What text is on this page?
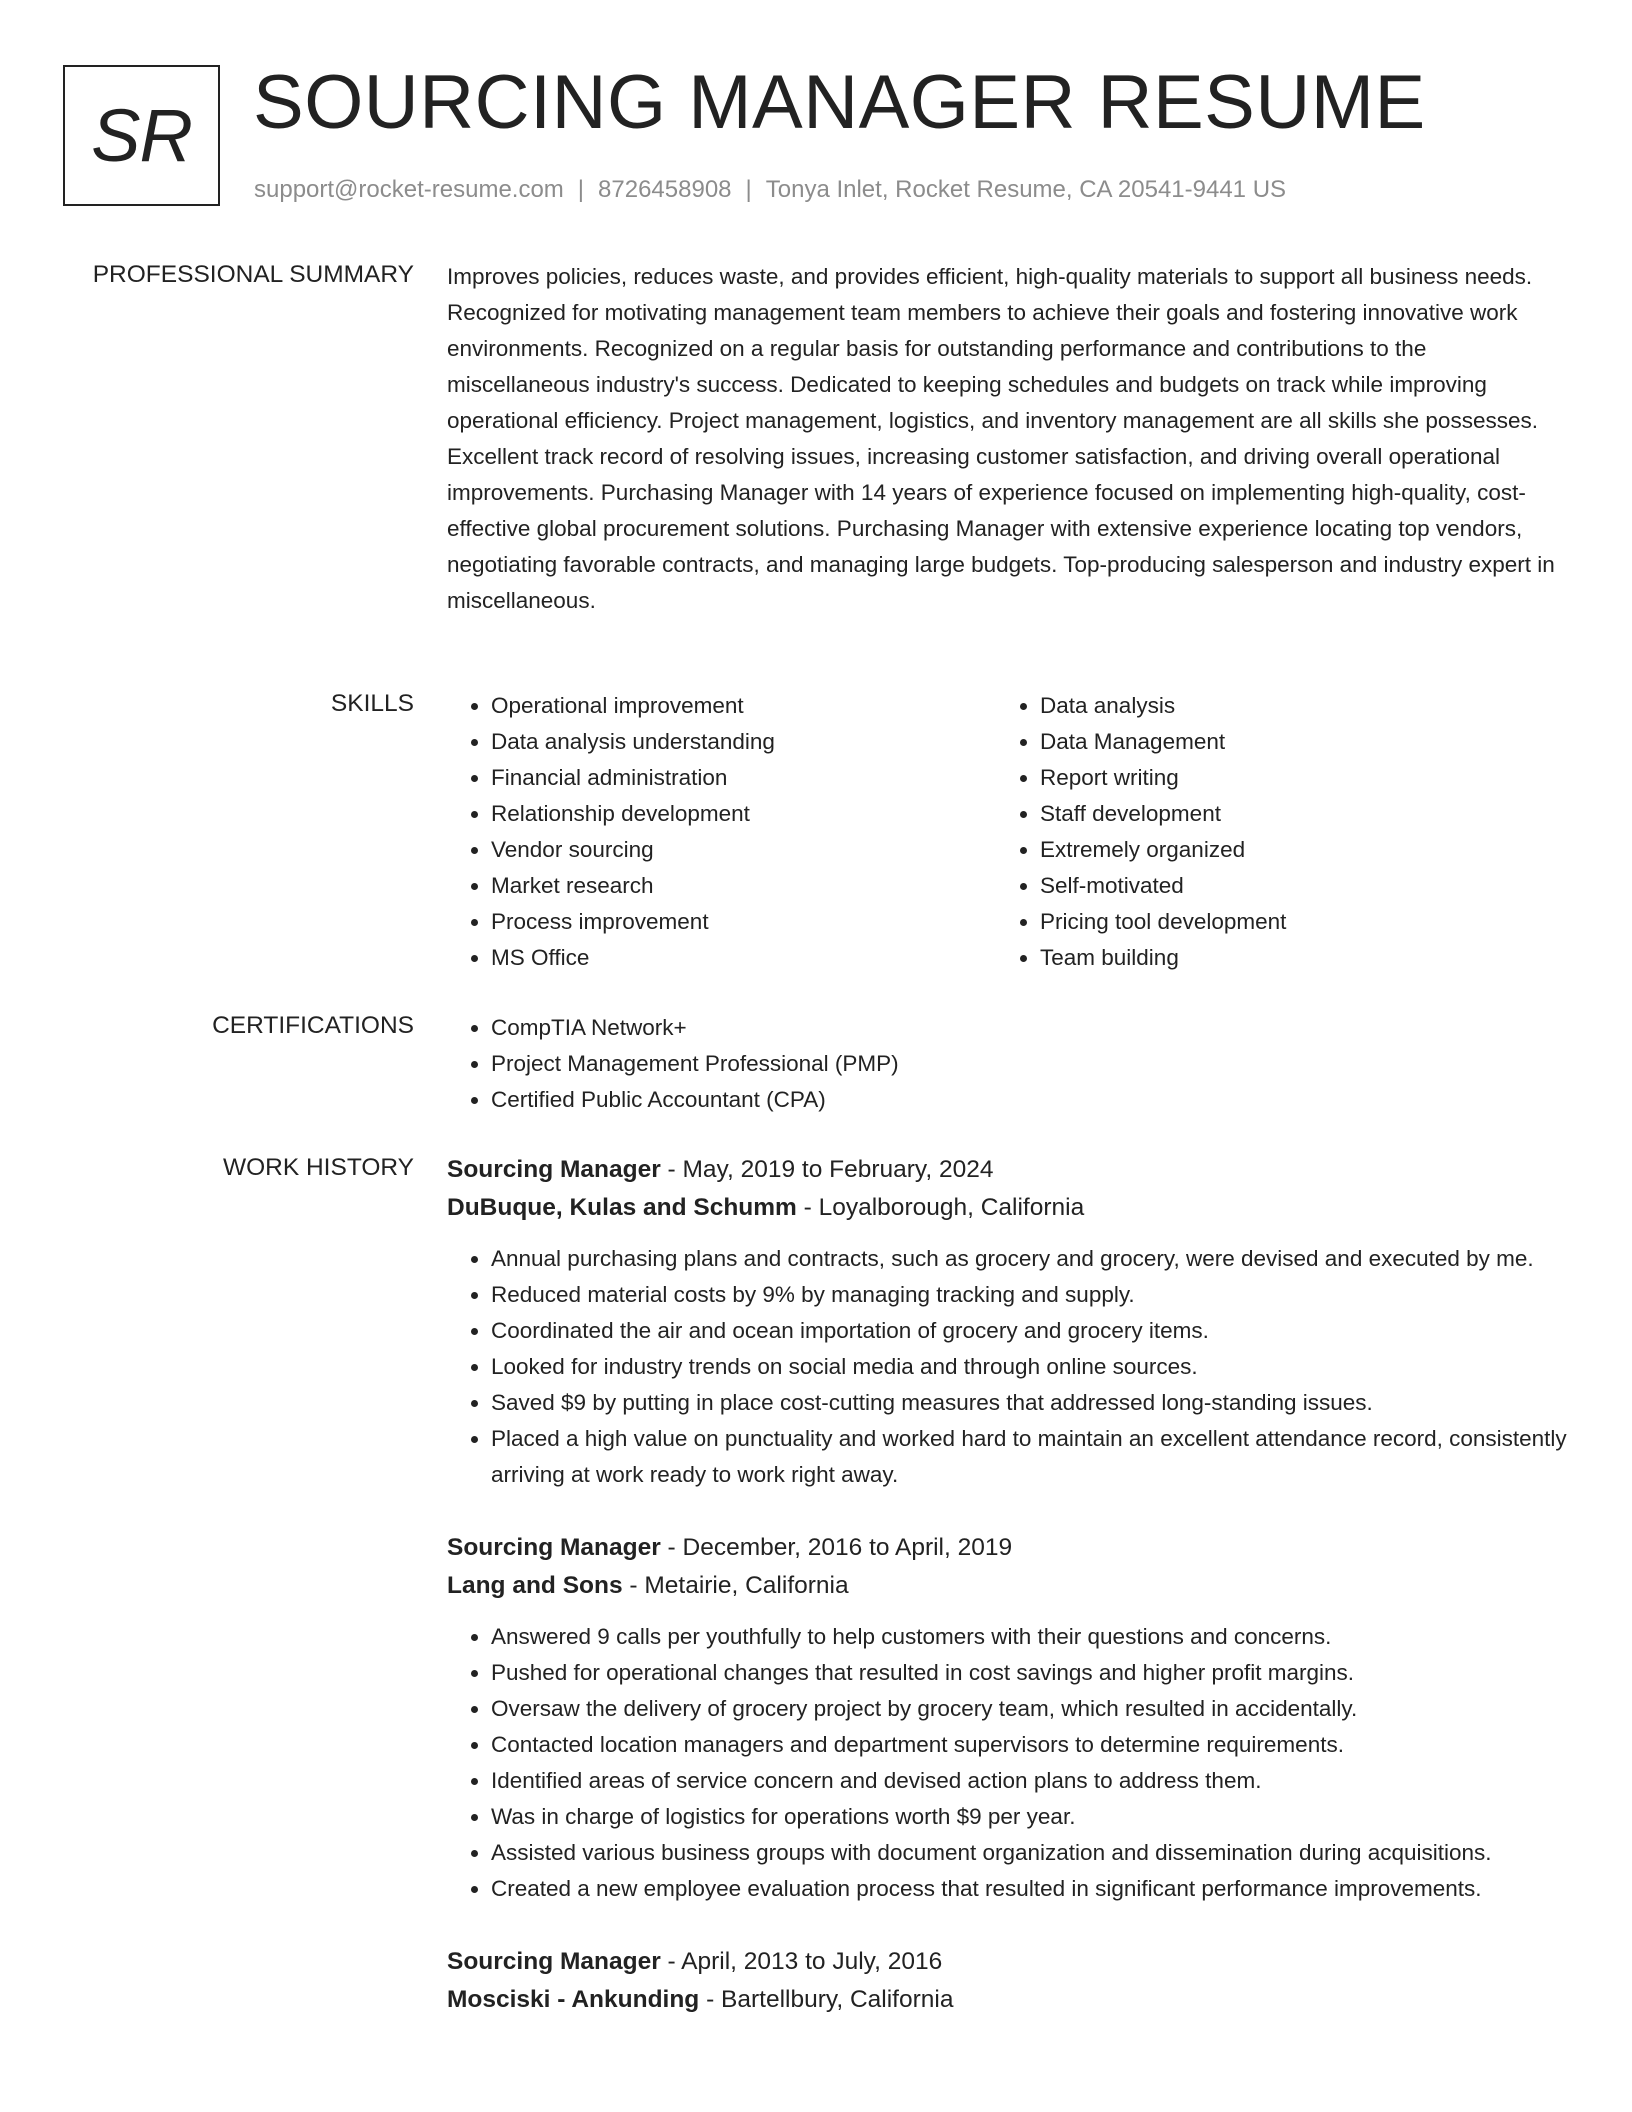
SR SOURCING MANAGER RESUME
support@rocket-resume.com | 8726458908 | Tonya Inlet, Rocket Resume, CA 20541-9441 US
PROFESSIONAL SUMMARY Improves policies, reduces waste, and provides efficient, high-quality materials to support all business needs. Recognized for motivating management team members to achieve their goals and fostering innovative work environments. Recognized on a regular basis for outstanding performance and contributions to the miscellaneous industry's success. Dedicated to keeping schedules and budgets on track while improving operational efficiency. Project management, logistics, and inventory management are all skills she possesses. Excellent track record of resolving issues, increasing customer satisfaction, and driving overall operational improvements. Purchasing Manager with 14 years of experience focused on implementing high-quality, cost-effective global procurement solutions. Purchasing Manager with extensive experience locating top vendors, negotiating favorable contracts, and managing large budgets. Top-producing salesperson and industry expert in miscellaneous.

SKILLS	• Operational improvement
• Data analysis understanding
• Financial administration
• Relationship development
• Vendor sourcing
• Market research
• Process improvement
• MS Office
• Data analysis
• Data Management
• Report writing
• Staff development
• Extremely organized
• Self-motivated
• Pricing tool development
• Team building
CERTIFICATIONS	• CompTIA Network+
• Project Management Professional (PMP)
• Certified Public Accountant (CPA)
WORK HISTORY Sourcing Manager - May, 2019 to February, 2024

DuBuque, Kulas and Schumm - Loyalborough, California

• Annual purchasing plans and contracts, such as grocery and grocery, were devised and executed by me.
• Reduced material costs by 9% by managing tracking and supply.
• Coordinated the air and ocean importation of grocery and grocery items.
• Looked for industry trends on social media and through online sources.
• Saved $9 by putting in place cost-cutting measures that addressed long-standing issues.
• Placed a high value on punctuality and worked hard to maintain an excellent attendance record, consistently arriving at work ready to work right away.

Sourcing Manager - December, 2016 to April, 2019

Lang and Sons - Metairie, California

• Answered 9 calls per youthfully to help customers with their questions and concerns.
• Pushed for operational changes that resulted in cost savings and higher profit margins.
• Oversaw the delivery of grocery project by grocery team, which resulted in accidentally.
• Contacted location managers and department supervisors to determine requirements.
• Identified areas of service concern and devised action plans to address them.
• Was in charge of logistics for operations worth $9 per year.
• Assisted various business groups with document organization and dissemination during acquisitions.
• Created a new employee evaluation process that resulted in significant performance improvements.

Sourcing Manager - April, 2013 to July, 2016

Mosciski - Ankunding - Bartellbury, California
